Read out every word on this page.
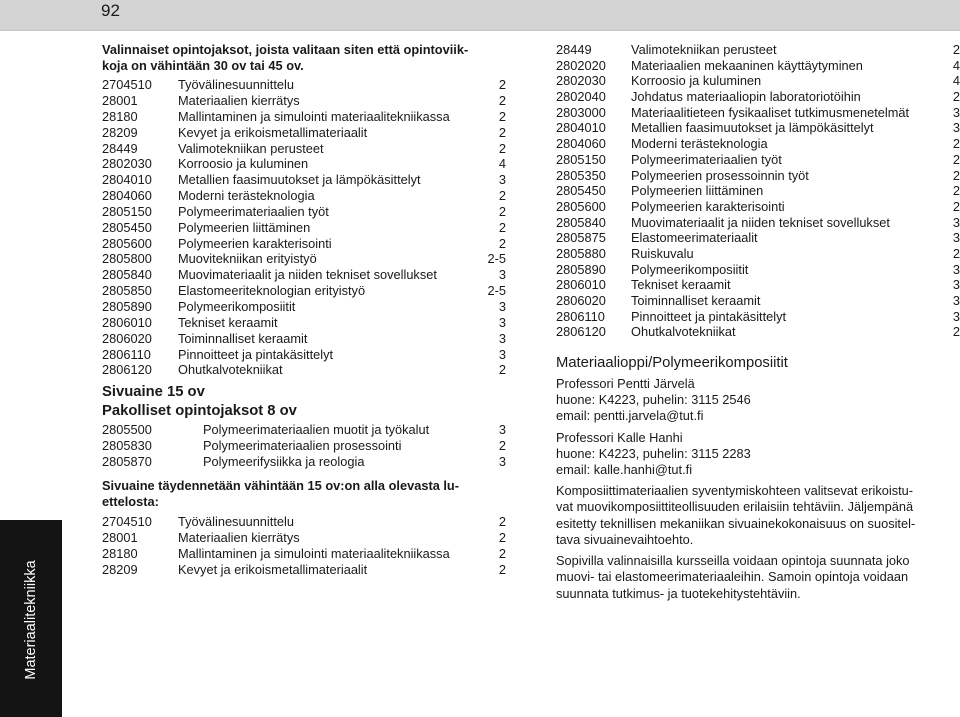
92
Materiaalitekniikka
Valinnaiset opintojaksot, joista valitaan siten että opintoviik-
koja on vähintään 30 ov tai 45 ov.
2704510 Työvälinesuunnittelu	2
28001	Materiaalien kierrätys	2
28180	Mallintaminen ja simulointi materiaalitekniikassa	2
28209	Kevyet ja erikoismetallimateriaalit	2
28449	Valimotekniikan perusteet	2
2802030 Korroosio ja kuluminen	4
2804010 Metallien faasimuutokset ja lämpökäsittelyt	3
2804060 Moderni terästeknologia	2
2805150 Polymeerimateriaalien työt	2
2805450 Polymeerien liittäminen	2
2805600 Polymeerien karakterisointi	2
2805800 Muovitekniikan erityistyö	2-5
2805840 Muovimateriaalit ja niiden tekniset sovellukset	3
2805850 Elastomeeriteknologian erityistyö	2-5
2805890 Polymeerikomposiitit	3
2806010 Tekniset keraamit	3
2806020 Toiminnalliset keraamit	3
2806110 Pinnoitteet ja pintakäsittelyt	3
2806120 Ohutkalvotekniikat	2
Sivuaine 15 ov
Pakolliset opintojaksot 8 ov
2805500	Polymeerimateriaalien muotit ja työkalut	3
2805830	Polymeerimateriaalien prosessointi	2
2805870	Polymeerifysiikka ja reologia	3
Sivuaine täydennetään vähintään 15 ov:on alla olevasta lu-
ettelosta:
2704510 Työvälinesuunnittelu	2
28001	Materiaalien kierrätys	2
28180	Mallintaminen ja simulointi materiaalitekniikassa	2
28209	Kevyet ja erikoismetallimateriaalit	2
28449	Valimotekniikan perusteet	2
2802020 Materiaalien mekaaninen käyttäytyminen	4
2802030 Korroosio ja kuluminen	4
2802040 Johdatus materiaaliopin laboratoriotöihin	2
2803000 Materiaalitieteen fysikaaliset tutkimusmenetelmät	3
2804010 Metallien faasimuutokset ja lämpökäsittelyt	3
2804060 Moderni terästeknologia	2
2805150 Polymeerimateriaalien työt	2
2805350 Polymeerien prosessoinnin työt	2
2805450 Polymeerien liittäminen	2
2805600 Polymeerien karakterisointi	2
2805840 Muovimateriaalit ja niiden tekniset sovellukset	3
2805875 Elastomeerimateriaalit	3
2805880 Ruiskuvalu	2
2805890 Polymeerikomposiitit	3
2806010 Tekniset keraamit	3
2806020 Toiminnalliset keraamit	3
2806110 Pinnoitteet ja pintakäsittelyt	3
2806120 Ohutkalvotekniikat	2
Materiaalioppi/Polymeerikomposiitit
Professori Pentti Järvelä
huone: K4223, puhelin: 3115 2546
email: pentti.jarvela@tut.fi
Professori Kalle Hanhi
huone: K4223, puhelin: 3115 2283
email: kalle.hanhi@tut.fi
Komposiittimateriaalien syventymiskohteen valitsevat erikoistu-
vat muovikomposiittiteollisuuden erilaisiin tehtäviin. Jäljempänä
esitetty teknillisen mekaniikan sivuainekokonaisuus on suositel-
tava sivuainevaihtoehto.
Sopivilla valinnaisilla kursseilla voidaan opintoja suunnata joko
muovi- tai elastomeerimateriaaleihin. Samoin opintoja voidaan
suunnata tutkimus- ja tuotekehitystehtäviin.
